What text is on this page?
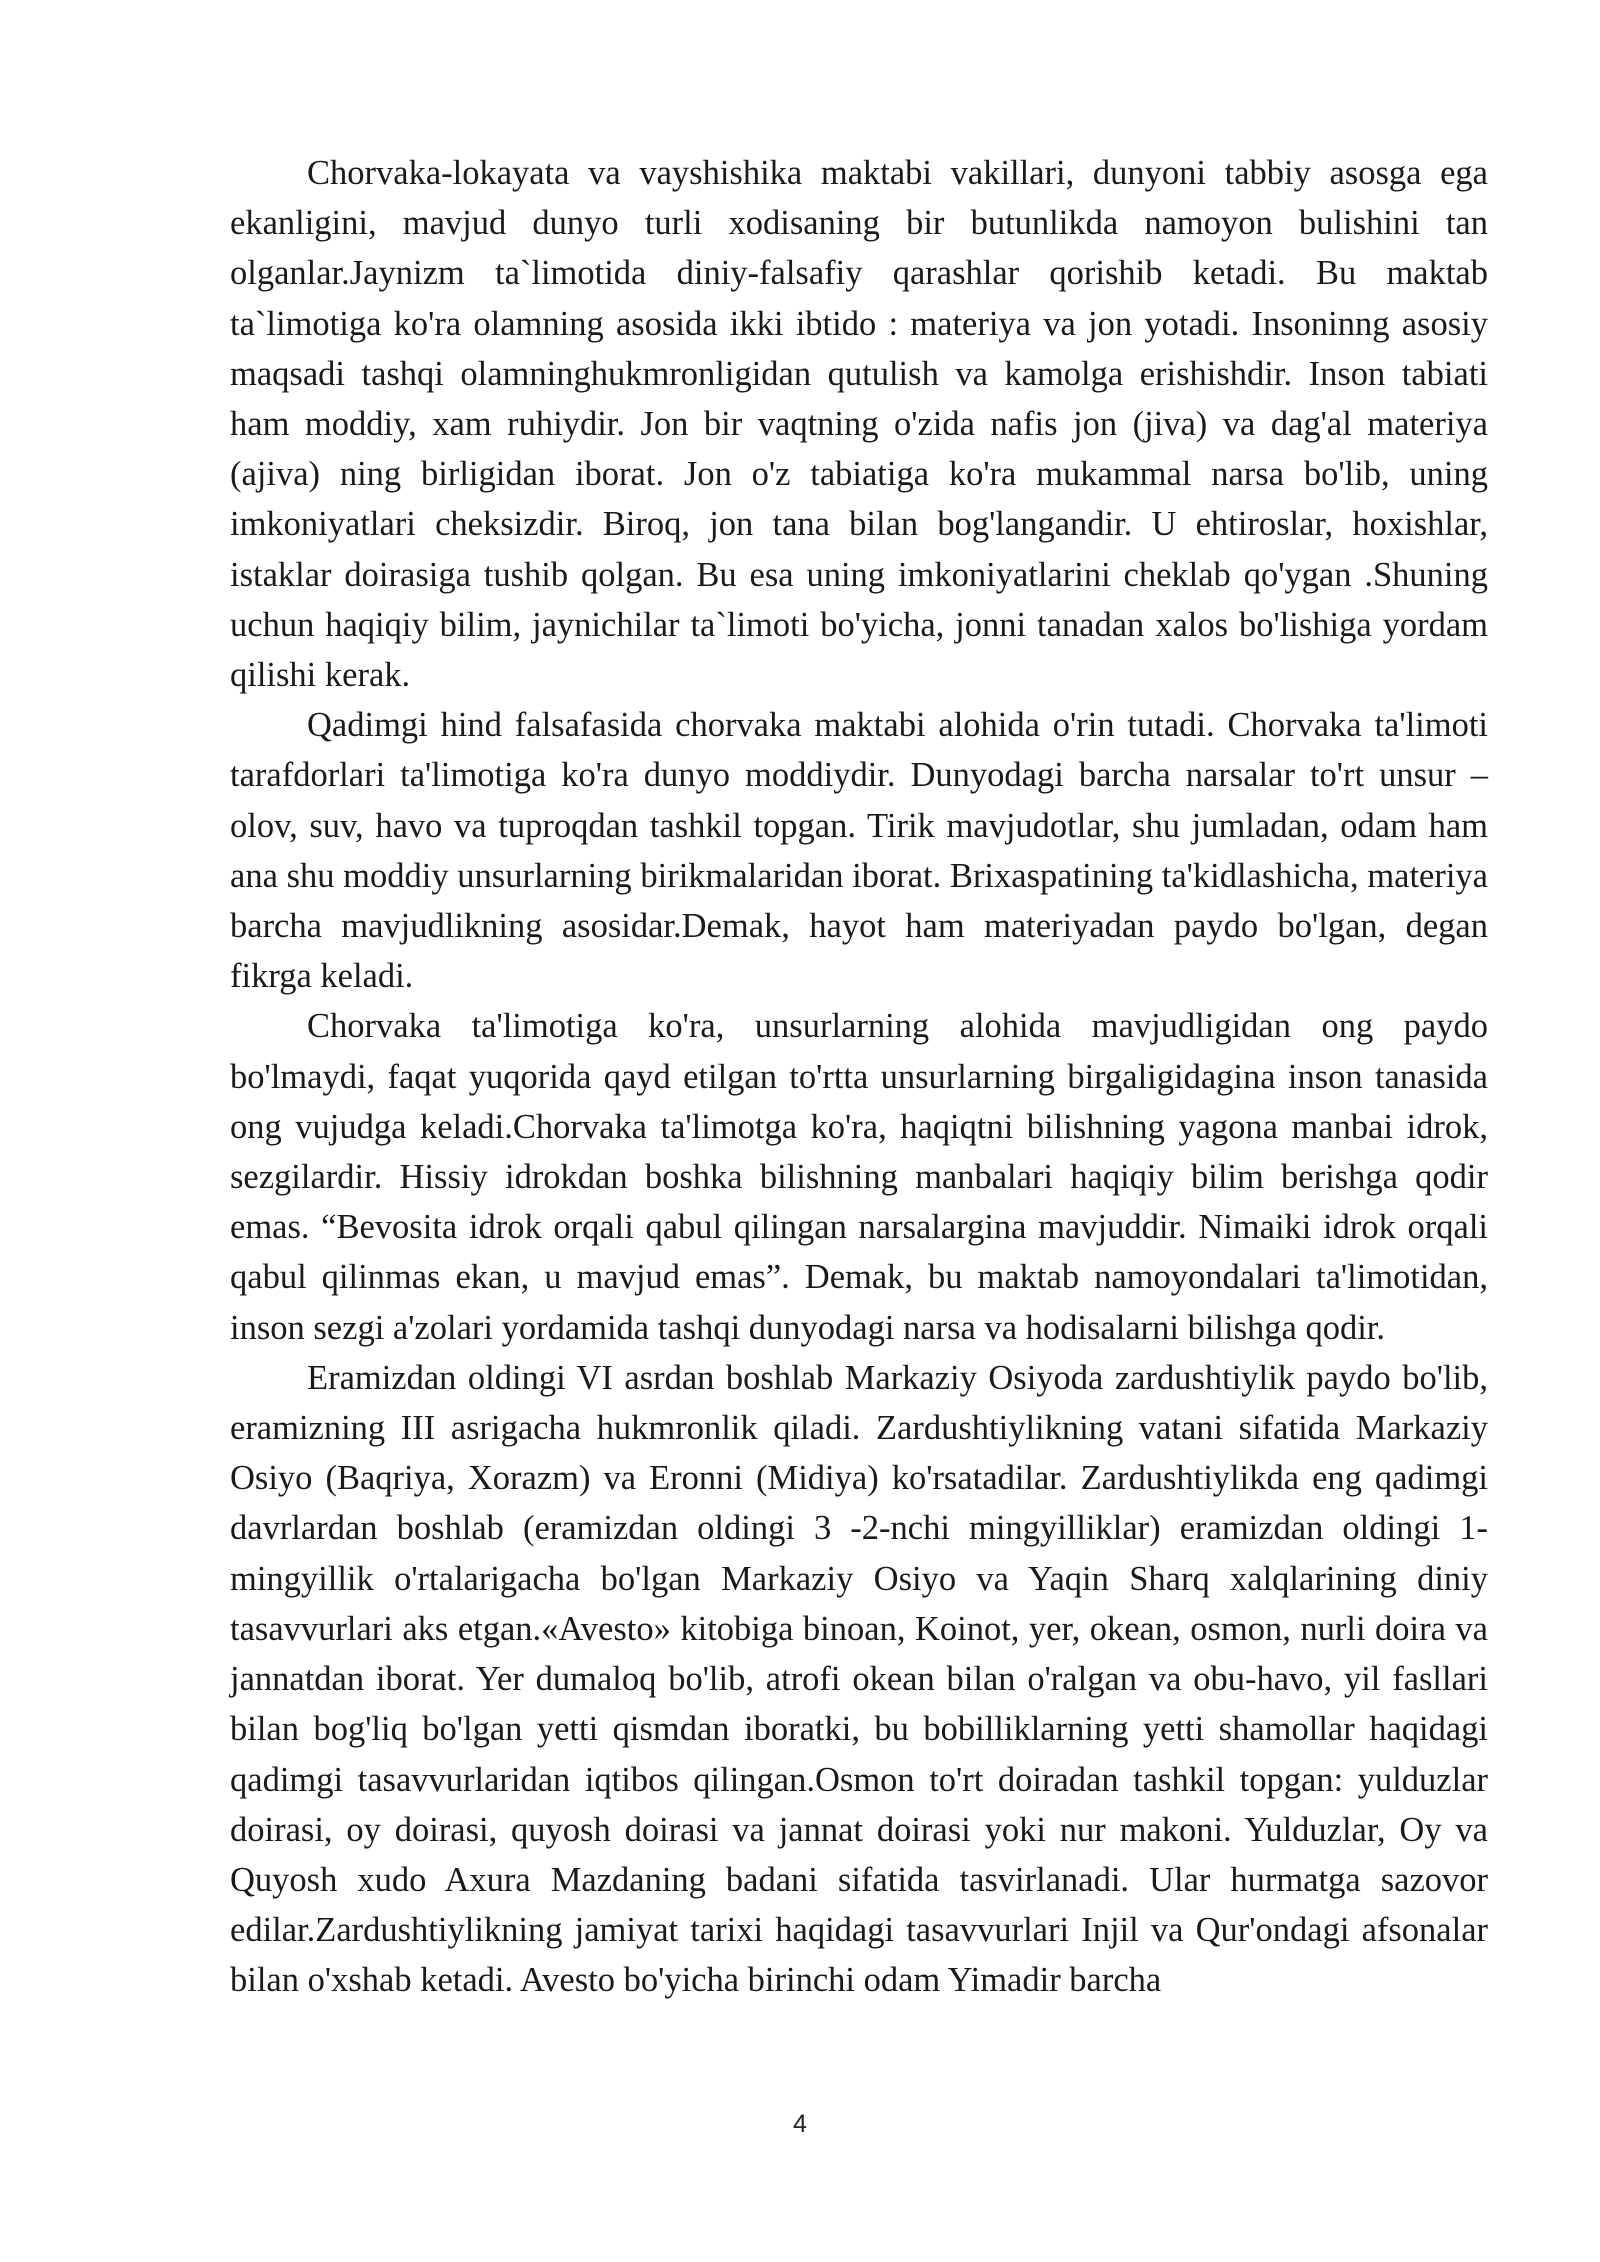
Chorvaka-lokayata va vayshishika maktabi vakillari, dunyoni tabbiy asosga ega ekanligini, mavjud dunyo turli xodisaning bir butunlikda namoyon bulishini tan olganlar.Jaynizm ta`limotida diniy-falsafiy qarashlar qorishib ketadi. Bu maktab ta`limotiga ko'ra olamning asosida ikki ibtido : materiya va jon yotadi. Insoninng asosiy maqsadi tashqi olamninghukmronligidan qutulish va kamolga erishishdir. Inson tabiati ham moddiy, xam ruhiydir. Jon bir vaqtning o'zida nafis jon (jiva) va dag'al materiya (ajiva) ning birligidan iborat. Jon o'z tabiatiga ko'ra mukammal narsa bo'lib, uning imkoniyatlari cheksizdir. Biroq, jon tana bilan bog'langandir. U ehtiroslar, hoxishlar, istaklar doirasiga tushib qolgan. Bu esa uning imkoniyatlarini cheklab qo'ygan .Shuning uchun haqiqiy bilim, jaynichilar ta`limoti bo'yicha, jonni tanadan xalos bo'lishiga yordam qilishi kerak.

Qadimgi hind falsafasida chorvaka maktabi alohida o'rin tutadi. Chorvaka ta'limoti tarafdorlari ta'limotiga ko'ra dunyo moddiydir. Dunyodagi barcha narsalar to'rt unsur – olov, suv, havo va tuproqdan tashkil topgan. Tirik mavjudotlar, shu jumladan, odam ham ana shu moddiy unsurlarning birikmalaridan iborat. Brixaspatining ta'kidlashicha, materiya barcha mavjudlikning asosidar.Demak, hayot ham materiyadan paydo bo'lgan, degan fikrga keladi.

Chorvaka ta'limotiga ko'ra, unsurlarning alohida mavjudligidan ong paydo bo'lmaydi, faqat yuqorida qayd etilgan to'rtta unsurlarning birgaligidagina inson tanasida ong vujudga keladi.Chorvaka ta'limotga ko'ra, haqiqtni bilishning yagona manbai idrok, sezgilardir. Hissiy idrokdan boshka bilishning manbalari haqiqiy bilim berishga qodir emas. “Bevosita idrok orqali qabul qilingan narsalargina mavjuddir. Nimaiki idrok orqali qabul qilinmas ekan, u mavjud emas”. Demak, bu maktab namoyondalari ta'limotidan, inson sezgi a'zolari yordamida tashqi dunyodagi narsa va hodisalarni bilishga qodir.

Eramizdan oldingi VI asrdan boshlab Markaziy Osiyoda zardushtiylik paydo bo'lib, eramizning III asrigacha hukmronlik qiladi. Zardushtiylikning vatani sifatida Markaziy Osiyo (Baqriya, Xorazm) va Eronni (Midiya) ko'rsatadilar. Zardushtiylikda eng qadimgi davrlardan boshlab (eramizdan oldingi 3 -2-nchi mingyilliklar) eramizdan oldingi 1-mingyillik o'rtalarigacha bo'lgan Markaziy Osiyo va Yaqin Sharq xalqlarining diniy tasavvurlari aks etgan.«Avesto» kitobiga binoan, Koinot, yer, okean, osmon, nurli doira va jannatdan iborat. Yer dumaloq bo'lib, atrofi okean bilan o'ralgan va obu-havo, yil fasllari bilan bog'liq bo'lgan yetti qismdan iboratki, bu bobilliklarning yetti shamollar haqidagi qadimgi tasavvurlaridan iqtibos qilingan.Osmon to'rt doiradan tashkil topgan: yulduzlar doirasi, oy doirasi, quyosh doirasi va jannat doirasi yoki nur makoni. Yulduzlar, Oy va Quyosh xudo Axura Mazdaning badani sifatida tasvirlanadi. Ular hurmatga sazovor edilar.Zardushtiylikning jamiyat tarixi haqidagi tasavvurlari Injil va Qur'ondagi afsonalar bilan o'xshab ketadi. Avesto bo'yicha birinchi odam Yimadir barcha

4
